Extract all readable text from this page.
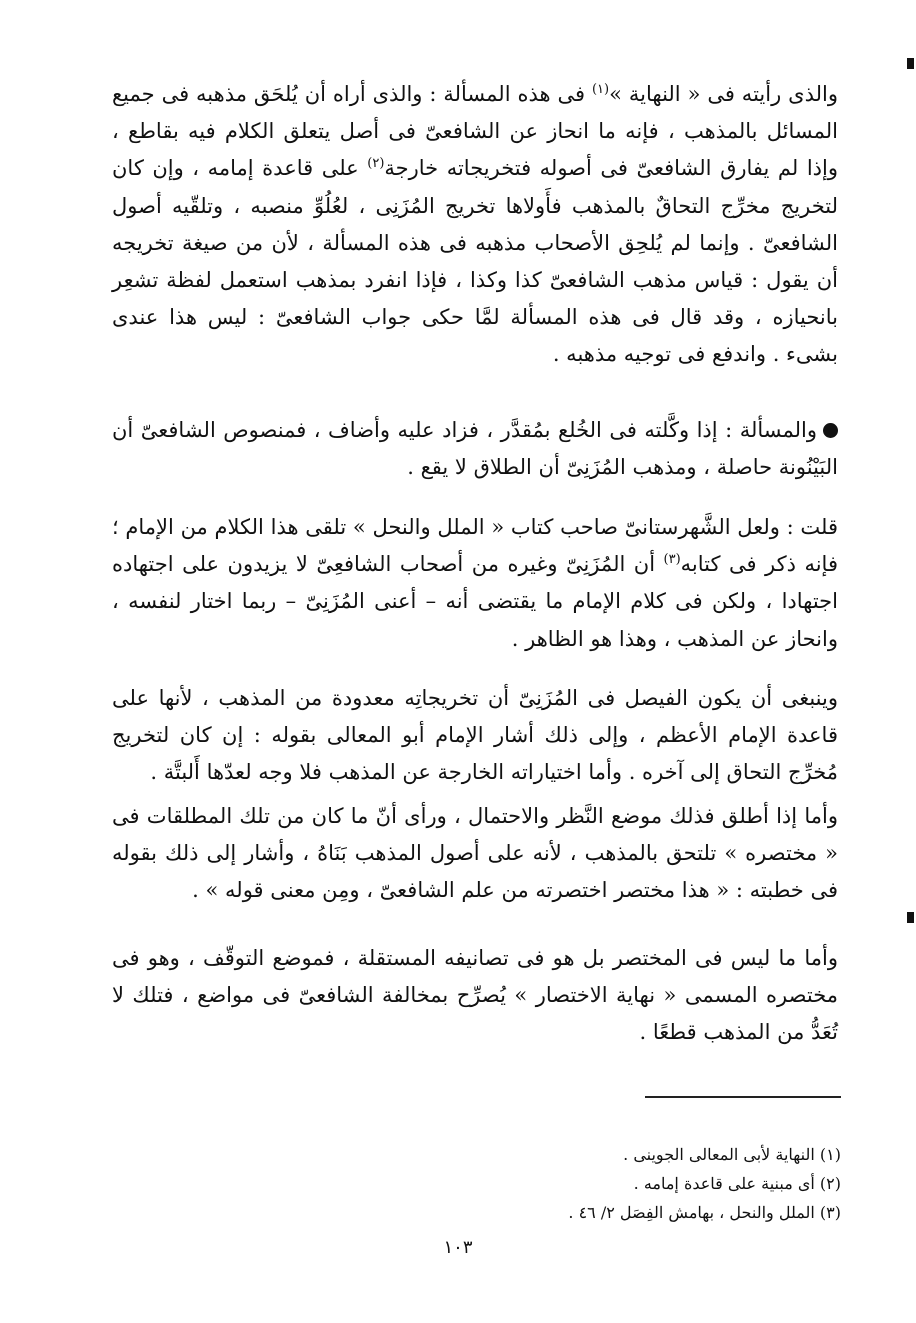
والذى رأيته فى « النهاية »$^{(١)}$ فى هذه المسألة : والذى أراه أن يُلحَق مذهبه فى جميع المسائل بالمذهب ، فإنه ما انحاز عن الشافعىّ فى أصل يتعلق الكلام فيه بقاطع ، وإذا لم يفارق الشافعىّ فى أصوله فتخريجاته خارجة$^{(٢)}$ على قاعدة إمامه ، وإن كان لتخريج مخرِّج التحاقٌ بالمذهب فأَولاها تخريج المُزَنِى ، لعُلُوِّ منصبه ، وتلقّيه أصول الشافعىّ . وإنما لم يُلحِق الأصحاب مذهبه فى هذه المسألة ، لأن من صيغة تخريجه أن يقول : قياس مذهب الشافعىّ كذا وكذا ، فإذا انفرد بمذهب استعمل لفظة تشعِر بانحيازه ، وقد قال فى هذه المسألة لمَّا حكى جواب الشافعىّ : ليس هذا عندى بشىء . واندفع فى توجيه مذهبه .

والمسألة : إذا وكَّلته فى الخُلع بمُقدَّر ، فزاد عليه وأضاف ، فمنصوص الشافعىّ أن البَيْنُونة حاصلة ، ومذهب المُزَنِىّ أن الطلاق لا يقع .

قلت : ولعل الشَّهرستانىّ صاحب كتاب « الملل والنحل » تلقى هذا الكلام من الإمام ؛ فإنه ذكر فى كتابه$^{(٣)}$ أن المُزَنِىّ وغيره من أصحاب الشافعِىّ لا يزيدون على اجتهاده اجتهادا ، ولكن فى كلام الإمام ما يقتضى أنه – أعنى المُزَنِىّ – ربما اختار لنفسه ، وانحاز عن المذهب ، وهذا هو الظاهر .

وينبغى أن يكون الفيصل فى المُزَنِىّ أن تخريجاتِه معدودة من المذهب ، لأنها على قاعدة الإمام الأعظم ، وإلى ذلك أشار الإمام أبو المعالى بقوله : إن كان لتخريج مُخرِّج التحاق إلى آخره . وأما اختياراته الخارجة عن المذهب فلا وجه لعدّها أَلبتَّة .

وأما إذا أطلق فذلك موضع النَّظر والاحتمال ، ورأى أنّ ما كان من تلك المطلقات فى « مختصره » تلتحق بالمذهب ، لأنه على أصول المذهب بَنَاهُ ، وأشار إلى ذلك بقوله فى خطبته : « هذا مختصر اختصرته من علم الشافعىّ ، ومِن معنى قوله » .

وأما ما ليس فى المختصر بل هو فى تصانيفه المستقلة ، فموضع التوقّف ، وهو فى مختصره المسمى « نهاية الاختصار » يُصرِّح بمخالفة الشافعىّ فى مواضع ، فتلك لا تُعَدُّ من المذهب قطعًا .

(١) النهاية لأبى المعالى الجوينى .

(٢) أى مبنية على قاعدة إمامه .

(٣) الملل والنحل ، بهامش الفِصَل ٢/ ٤٦ .

١٠٣
